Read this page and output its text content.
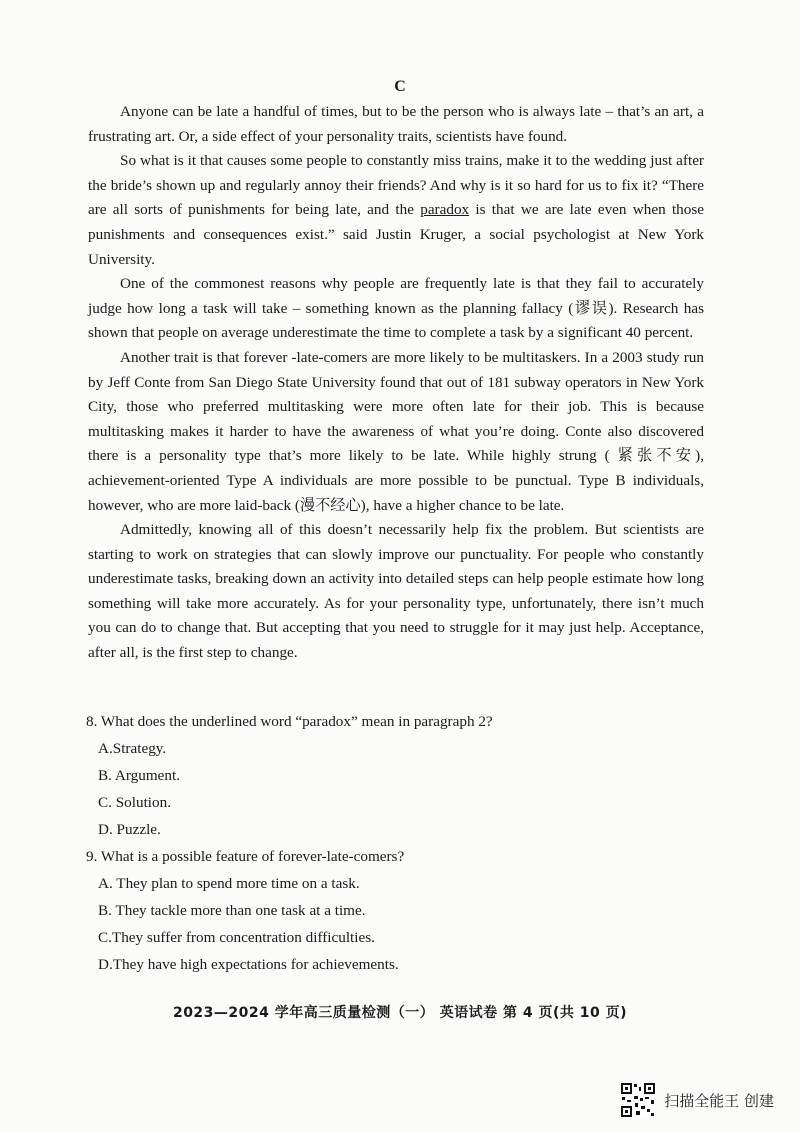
C

Anyone can be late a handful of times, but to be the person who is always late – that’s an art, a frustrating art. Or, a side effect of your personality traits, scientists have found.

So what is it that causes some people to constantly miss trains, make it to the wedding just after the bride’s shown up and regularly annoy their friends? And why is it so hard for us to fix it? “There are all sorts of punishments for being late, and the paradox is that we are late even when those punishments and consequences exist.” said Justin Kruger, a social psychologist at New York University.

One of the commonest reasons why people are frequently late is that they fail to accurately judge how long a task will take – something known as the planning fallacy (谬误). Research has shown that people on average underestimate the time to complete a task by a significant 40 percent.

Another trait is that forever -late-comers are more likely to be multitaskers. In a 2003 study run by Jeff Conte from San Diego State University found that out of 181 subway operators in New York City, those who preferred multitasking were more often late for their job. This is because multitasking makes it harder to have the awareness of what you’re doing. Conte also discovered there is a personality type that’s more likely to be late. While highly strung ( 紧张不安), achievement-oriented Type A individuals are more possible to be punctual. Type B individuals, however, who are more laid-back (漫不经心), have a higher chance to be late.

Admittedly, knowing all of this doesn’t necessarily help fix the problem. But scientists are starting to work on strategies that can slowly improve our punctuality. For people who constantly underestimate tasks, breaking down an activity into detailed steps can help people estimate how long something will take more accurately. As for your personality type, unfortunately, there isn’t much you can do to change that. But accepting that you need to struggle for it may just help. Acceptance, after all, is the first step to change.

8. What does the underlined word “paradox” mean in paragraph 2?

A.Strategy.

B. Argument.

C. Solution.

D. Puzzle.

9. What is a possible feature of forever-late-comers?

A. They plan to spend more time on a task.

B. They tackle more than one task at a time.

C.They suffer from concentration difficulties.

D.They have high expectations for achievements.

2023—2024 学年高三质量检测（一） 英语试卷 第 4 页(共 10 页)
扫描全能王 创建
